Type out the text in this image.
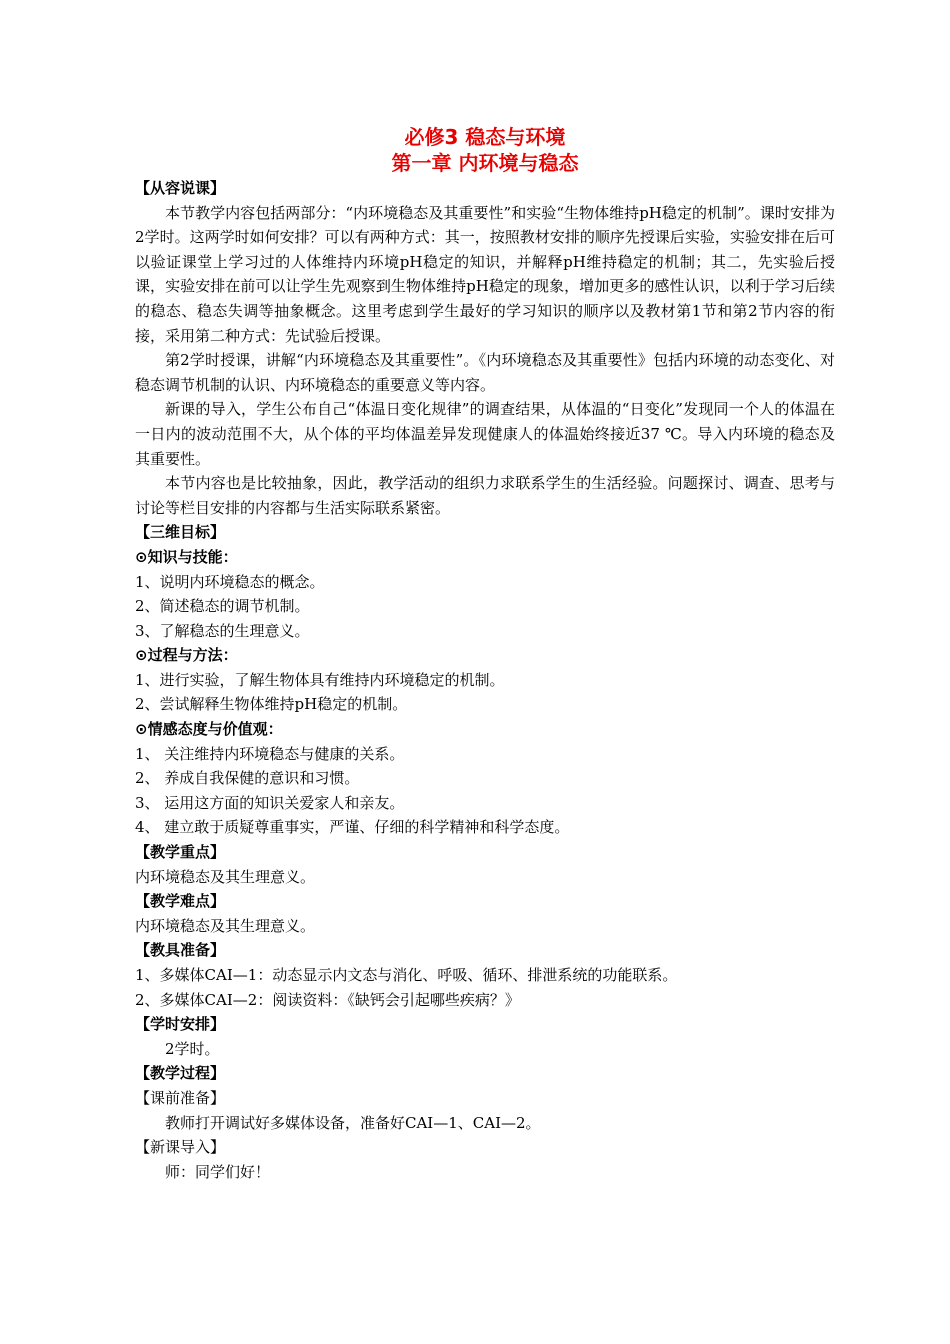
必修3 稳态与环境
第一章 内环境与稳态
【从容说课】

本节教学内容包括两部分：“内环境稳态及其重要性”和实验“生物体维持pH稳定的机制”。课时安排为2学时。这两学时如何安排？可以有两种方式：其一，按照教材安排的顺序先授课后实验，实验安排在后可以验证课堂上学习过的人体维持内环境pH稳定的知识，并解释pH维持稳定的机制；其二，先实验后授课，实验安排在前可以让学生先观察到生物体维持pH稳定的现象，增加更多的感性认识，以利于学习后续的稳态、稳态失调等抽象概念。这里考虑到学生最好的学习知识的顺序以及教材第1节和第2节内容的衔接，采用第二种方式：先试验后授课。

第2学时授课，讲解“内环境稳态及其重要性”。《内环境稳态及其重要性》包括内环境的动态变化、对稳态调节机制的认识、内环境稳态的重要意义等内容。

新课的导入，学生公布自己“体温日变化规律”的调查结果，从体温的“日变化”发现同一个人的体温在一日内的波动范围不大，从个体的平均体温差异发现健康人的体温始终接近37 ℃。导入内环境的稳态及其重要性。

本节内容也是比较抽象，因此，教学活动的组织力求联系学生的生活经验。问题探讨、调查、思考与讨论等栏目安排的内容都与生活实际联系紧密。

【三维目标】
⊙知识与技能：

1、说明内环境稳态的概念。

2、简述稳态的调节机制。

3、了解稳态的生理意义。

⊙过程与方法：

1、进行实验，了解生物体具有维持内环境稳定的机制。

2、尝试解释生物体维持pH稳定的机制。

⊙情感态度与价值观：

1、 关注维持内环境稳态与健康的关系。

2、 养成自我保健的意识和习惯。

3、 运用这方面的知识关爱家人和亲友。

4、 建立敢于质疑尊重事实，严谨、仔细的科学精神和科学态度。

【教学重点】

内环境稳态及其生理意义。

【教学难点】

内环境稳态及其生理意义。

【教具准备】

1、多媒体CAI—1：动态显示内文态与消化、呼吸、循环、排泄系统的功能联系。

2、多媒体CAI—2：阅读资料：《缺钙会引起哪些疾病？》

【学时安排】

2学时。

【教学过程】
【课前准备】

教师打开调试好多媒体设备，准备好CAI—1、CAI—2。

【新课导入】

师：同学们好！
